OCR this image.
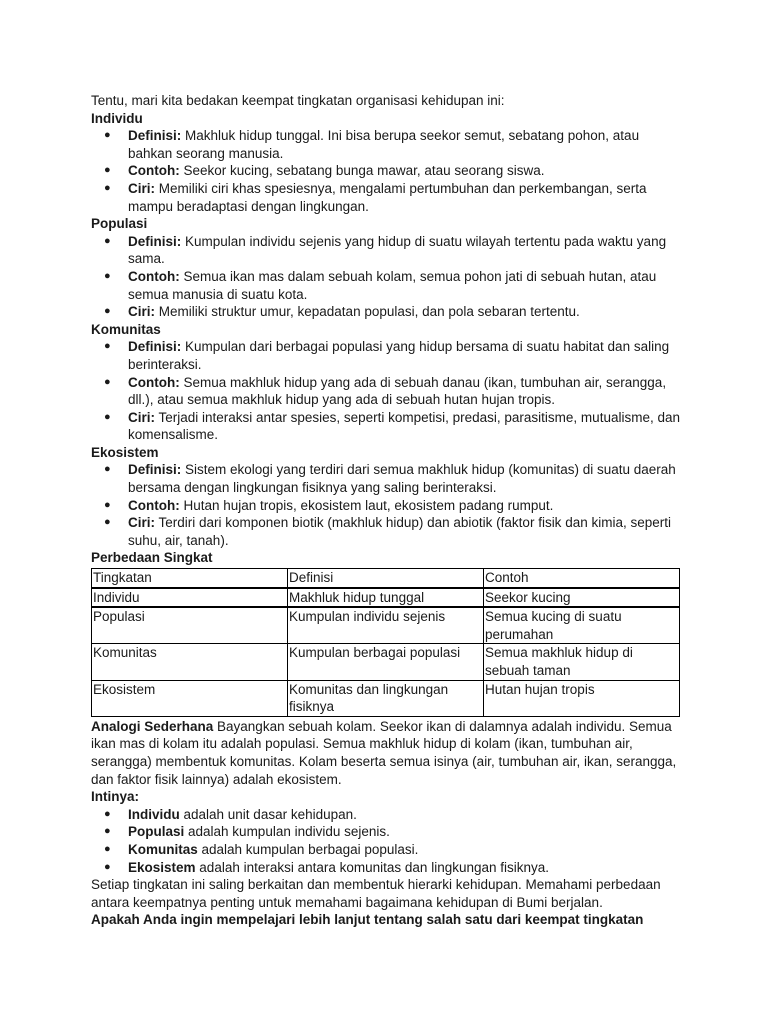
Tentu, mari kita bedakan keempat tingkatan organisasi kehidupan ini:

Individu

● Definisi: Makhluk hidup tunggal. Ini bisa berupa seekor semut, sebatang pohon, atau bahkan seorang manusia.
● Contoh: Seekor kucing, sebatang bunga mawar, atau seorang siswa.
● Ciri: Memiliki ciri khas spesiesnya, mengalami pertumbuhan dan perkembangan, serta mampu beradaptasi dengan lingkungan.

Populasi

● Definisi: Kumpulan individu sejenis yang hidup di suatu wilayah tertentu pada waktu yang sama.
● Contoh: Semua ikan mas dalam sebuah kolam, semua pohon jati di sebuah hutan, atau semua manusia di suatu kota.
● Ciri: Memiliki struktur umur, kepadatan populasi, dan pola sebaran tertentu.

Komunitas

● Definisi: Kumpulan dari berbagai populasi yang hidup bersama di suatu habitat dan saling berinteraksi.
● Contoh: Semua makhluk hidup yang ada di sebuah danau (ikan, tumbuhan air, serangga, dll.), atau semua makhluk hidup yang ada di sebuah hutan hujan tropis.
● Ciri: Terjadi interaksi antar spesies, seperti kompetisi, predasi, parasitisme, mutualisme, dan komensalisme.

Ekosistem

● Definisi: Sistem ekologi yang terdiri dari semua makhluk hidup (komunitas) di suatu daerah bersama dengan lingkungan fisiknya yang saling berinteraksi.
● Contoh: Hutan hujan tropis, ekosistem laut, ekosistem padang rumput.
● Ciri: Terdiri dari komponen biotik (makhluk hidup) dan abiotik (faktor fisik dan kimia, seperti suhu, air, tanah).

Perbedaan Singkat

Tingkatan	Definisi	Contoh
Individu	Makhluk hidup tunggal	Seekor kucing
Populasi	Kumpulan individu sejenis	Semua kucing di suatu perumahan
Komunitas	Kumpulan berbagai populasi	Semua makhluk hidup di sebuah taman
Ekosistem	Komunitas dan lingkungan fisiknya	Hutan hujan tropis

Analogi Sederhana Bayangkan sebuah kolam. Seekor ikan di dalamnya adalah individu. Semua ikan mas di kolam itu adalah populasi. Semua makhluk hidup di kolam (ikan, tumbuhan air, serangga) membentuk komunitas. Kolam beserta semua isinya (air, tumbuhan air, ikan, serangga, dan faktor fisik lainnya) adalah ekosistem.

Intinya:

● Individu adalah unit dasar kehidupan.
● Populasi adalah kumpulan individu sejenis.
● Komunitas adalah kumpulan berbagai populasi.
● Ekosistem adalah interaksi antara komunitas dan lingkungan fisiknya.

Setiap tingkatan ini saling berkaitan dan membentuk hierarki kehidupan. Memahami perbedaan antara keempatnya penting untuk memahami bagaimana kehidupan di Bumi berjalan.

Apakah Anda ingin mempelajari lebih lanjut tentang salah satu dari keempat tingkatan
